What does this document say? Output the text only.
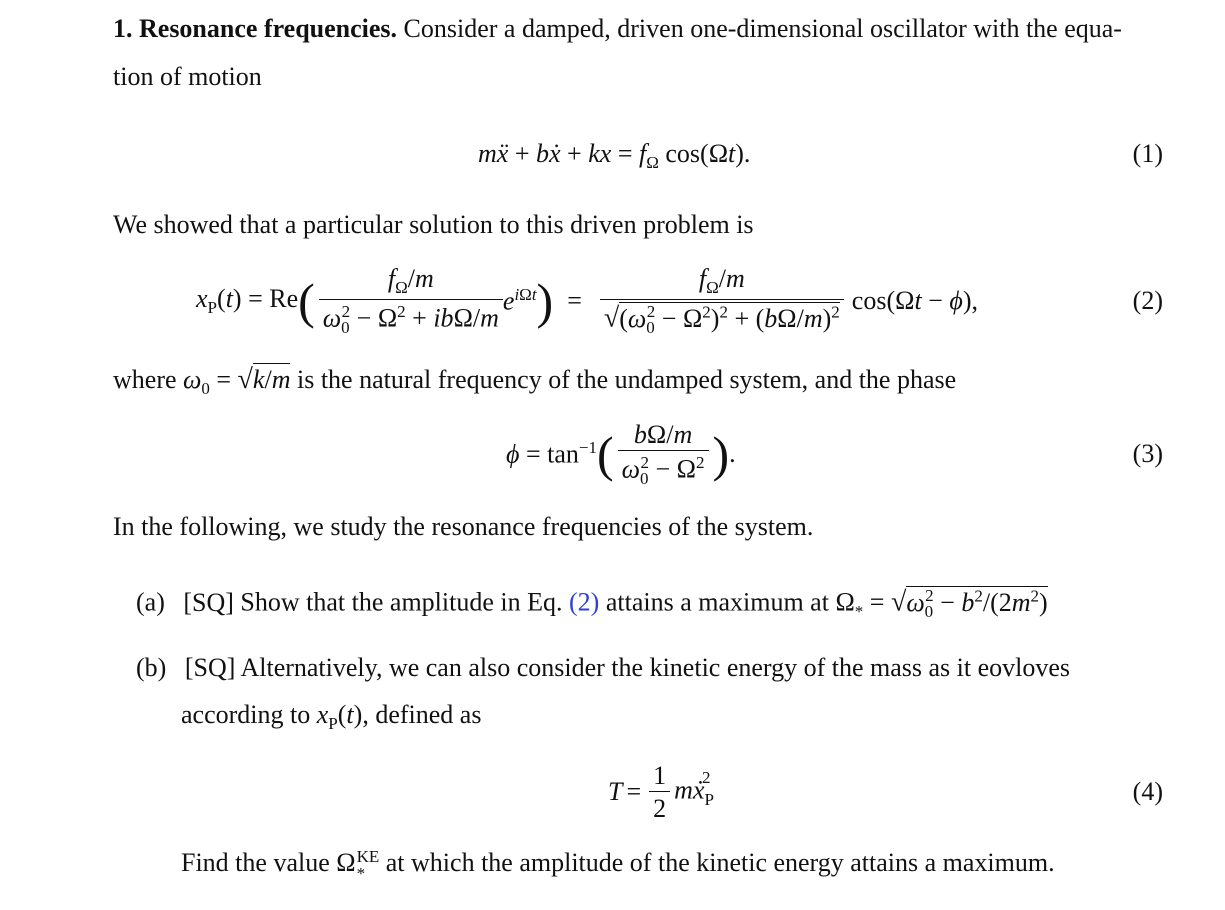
1. Resonance frequencies. Consider a damped, driven one-dimensional oscillator with the equa-
tion of motion
mẍ + bẋ + kx = $f_\Omega$ cos(Ωt).	(1)
We showed that a particular solution to this driven problem is
$x_P(t) = Re$ ( $\frac{f_\Omega/m}{\omega_0^2 - \Omega^2 + ib\Omega/m} e^{i\Omega t}$ ) = $\frac{f_\Omega/m}{√(\omega_0^2 - \Omega^2)^2 + (b\Omega/m)^2} \cos(\Omega t - \phi)$,	(2)
where $\omega_0 = √k/m$ is the natural frequency of the undamped system, and the phase
$\phi = \tan^{-1}$ ( $\frac{b\Omega/m}{\omega_0^2 - \Omega^2}$ ) .	(3)
In the following, we study the resonance frequencies of the system.
(a) [SQ] Show that the amplitude in Eq. (2) attains a maximum at $\Omega_* = √\omega_0^2 - b^2/(2m^2)$
(b) [SQ] Alternatively, we can also consider the kinetic energy of the mass as it eovloves
according to $x_P(t)$, defined as
$T = \frac{1}{2}$ mẋ$_P^2$	(4)
Find the value Ω KE
* at which the amplitude of the kinetic energy attains a maximum.
